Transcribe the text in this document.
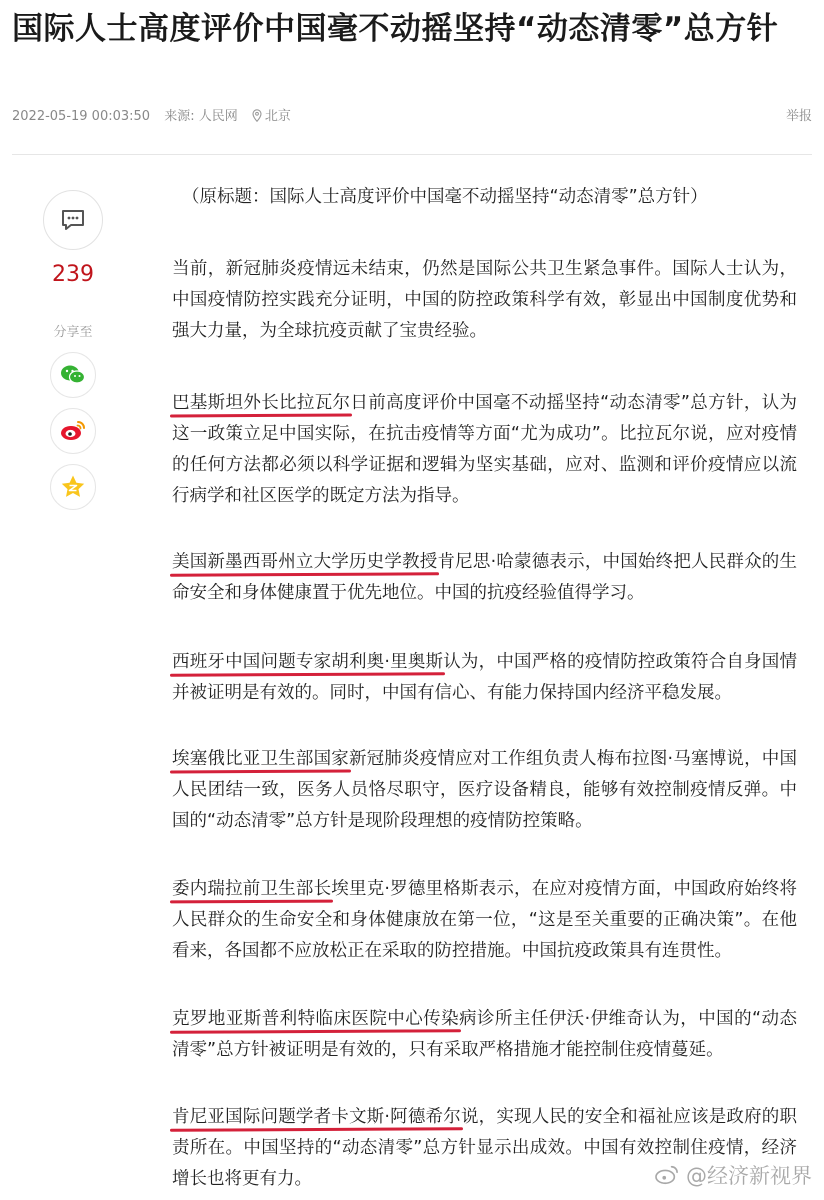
国际人士高度评价中国毫不动摇坚持“动态清零”总方针
2022-05-19 00:03:50 来源: 人民网 北京	举报
239
分享至

（原标题：国际人士高度评价中国毫不动摇坚持“动态清零”总方针）

当前，新冠肺炎疫情远未结束，仍然是国际公共卫生紧急事件。国际人士认为，中国疫情防控实践充分证明，中国的防控政策科学有效，彰显出中国制度优势和强大力量，为全球抗疫贡献了宝贵经验。

巴基斯坦外长比拉瓦尔日前高度评价中国毫不动摇坚持“动态清零”总方针，认为这一政策立足中国实际，在抗击疫情等方面“尤为成功”。比拉瓦尔说，应对疫情的任何方法都必须以科学证据和逻辑为坚实基础，应对、监测和评价疫情应以流行病学和社区医学的既定方法为指导。

美国新墨西哥州立大学历史学教授肯尼思·哈蒙德表示，中国始终把人民群众的生命安全和身体健康置于优先地位。中国的抗疫经验值得学习。

西班牙中国问题专家胡利奥·里奥斯认为，中国严格的疫情防控政策符合自身国情并被证明是有效的。同时，中国有信心、有能力保持国内经济平稳发展。

埃塞俄比亚卫生部国家新冠肺炎疫情应对工作组负责人梅布拉图·马塞博说，中国人民团结一致，医务人员恪尽职守，医疗设备精良，能够有效控制疫情反弹。中国的“动态清零”总方针是现阶段理想的疫情防控策略。

委内瑞拉前卫生部长埃里克·罗德里格斯表示，在应对疫情方面，中国政府始终将人民群众的生命安全和身体健康放在第一位，“这是至关重要的正确决策”。在他看来，各国都不应放松正在采取的防控措施。中国抗疫政策具有连贯性。

克罗地亚斯普利特临床医院中心传染病诊所主任伊沃·伊维奇认为，中国的“动态清零”总方针被证明是有效的，只有采取严格措施才能控制住疫情蔓延。

肯尼亚国际问题学者卡文斯·阿德希尔说，实现人民的安全和福祉应该是政府的职责所在。中国坚持的“动态清零”总方针显示出成效。中国有效控制住疫情，经济增长也将更有力。	@经济新视界
